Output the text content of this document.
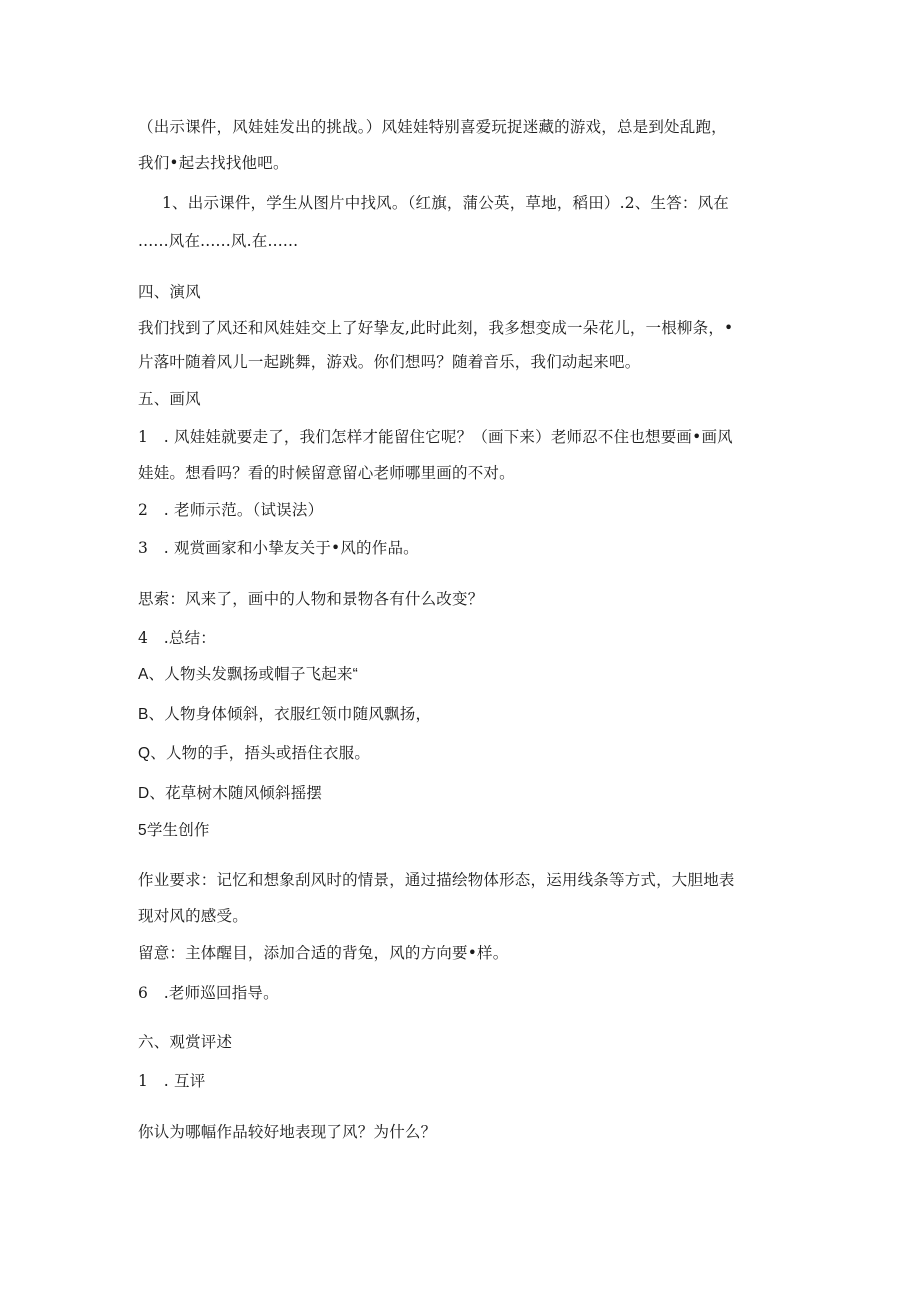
（出示课件，风娃娃发出的挑战。）风娃娃特别喜爱玩捉迷藏的游戏，总是到处乱跑，
我们•起去找找他吧。
1、出示课件，学生从图片中找风。（红旗，蒲公英，草地，稻田）.2、生答：风在
......风在......风.在......
四、演风
我们找到了风还和风娃娃交上了好挚友,此时此刻，我多想变成一朵花儿，一根柳条，•
片落叶随着风儿一起跳舞，游戏。你们想吗？随着音乐，我们动起来吧。
五、画风
1　. 风娃娃就要走了，我们怎样才能留住它呢？（画下来）老师忍不住也想要画•画风
娃娃。想看吗？看的时候留意留心老师哪里画的不对。
2　. 老师示范。（试误法）
3　. 观赏画家和小挚友关于•风的作品。
思索：风来了，画中的人物和景物各有什么改变？
4　.总结：
A、人物头发飘扬或帽子飞起来“
B、人物身体倾斜，衣服红领巾随风飘扬，
Q、人物的手，捂头或捂住衣服。
D、花草树木随风倾斜摇摆
5学生创作
作业要求：记忆和想象刮风时的情景，通过描绘物体形态，运用线条等方式，大胆地表
现对风的感受。
留意：主体醒目，添加合适的背兔，风的方向要•样。
6　.老师巡回指导。
六、观赏评述
1　. 互评
你认为哪幅作品较好地表现了风？为什么？
